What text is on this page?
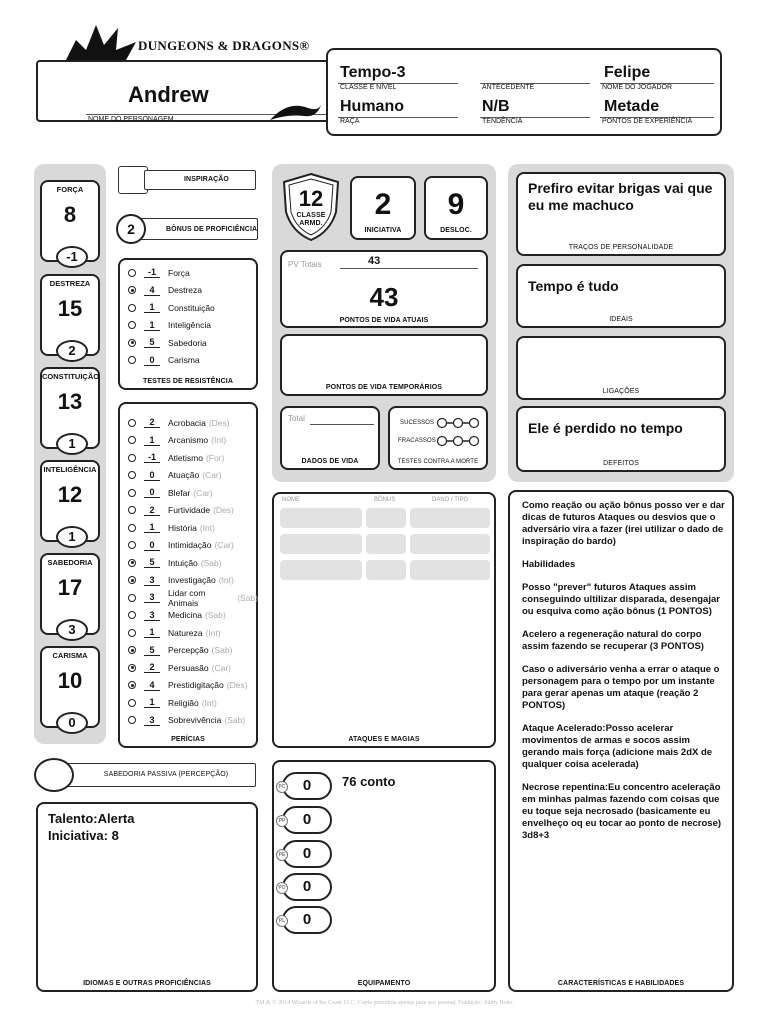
DUNGEONS & DRAGONS®
Andrew
NOME DO PERSONAGEM
Tempo-3
CLASSE E NÍVEL	ANTECEDENTE
Felipe
NOME DO JOGADOR
Humano
RAÇA
N/B
TENDÊNCIA
Metade
PONTOS DE EXPERIÊNCIA
FORÇA
8
-1
DESTREZA
15
2
CONSTITUIÇÃO
13
1
INTELIGÊNCIA
12
1
SABEDORIA
17
3
CARISMA
10
0
INSPIRAÇÃO
2	BÔNUS DE PROFICIÊNCIA
-1	Força
4	Destreza
1	Constituição
1	Inteligência
5	Sabedoria
0	Carisma
TESTES DE RESISTÊNCIA
2	Acrobacia (Des)
1	Arcanismo (Int)
-1	Atletismo (For)
0	Atuação (Car)
0	Blefar (Car)
2	Furtividade (Des)
1	História (Int)
0	Intimidação (Car)
5	Intuição (Sab)
3	Investigação (Int)
3	Lidar com Animais	(Sab)
3	Medicina (Sab)
1	Natureza (Int)
5	Percepção (Sab)
2	Persuasão (Car)
4	Prestidigitação (Des)
1	Religião (Int)
3	Sobrevivência (Sab)
PERÍCIAS
SABEDORIA PASSIVA (PERCEPÇÃO)
Talento:Alerta
Iniciativa: 8
IDIOMAS E OUTRAS PROFICIÊNCIAS
12
CLASSE ARMD.
2
INICIATIVA
9
DESLOC.
PV Totais	43
43
PONTOS DE VIDA ATUAIS
PONTOS DE VIDA TEMPORÁRIOS
Total
DADOS DE VIDA
SUCESSOS
FRACASSOS
TESTES CONTRA A MORTE
NOME	BÔNUS	DANO / TIPO
ATAQUES E MAGIAS
76 conto
EQUIPAMENTO
PC 0
PP 0
PE 0
PO 0
PL 0
Prefiro evitar brigas vai que eu me machuco
TRAÇOS DE PERSONALIDADE
Tempo é tudo
IDEAIS
LIGAÇÕES
Ele é perdido no tempo
DEFEITOS

Como reação ou ação bônus posso ver e dar dicas de futuros Ataques ou desvios que o adversário vira a fazer (irei utilizar o dado de inspiração do bardo)

Habilidades

Posso "prever" futuros Ataques assim conseguindo ultilizar disparada, desengajar ou esquiva como ação bônus (1 PONTOS)

Acelero a regeneração natural do corpo assim fazendo se recuperar (3 PONTOS)

Caso o adiversário venha a errar o ataque o personagem para o tempo por um instante para gerar apenas um ataque (reação 2 PONTOS)

Ataque Acelerado:Posso acelerar movimentos de armas e socos assim gerando mais força (adicione mais 2dX de qualquer coisa acelerada)

Necrose repentina:Eu concentro aceleração em minhas palmas fazendo com coisas que eu toque seja necrosado (basicamente eu envelheço oq eu tocar ao ponto de necrose) 3d8+3

CARACTERÍSTICAS E HABILIDADES
TM & © 2014 Wizards of the Coast LLC. Cópia permitida apenas para uso pessoal. Tradução: Johny Bobo
